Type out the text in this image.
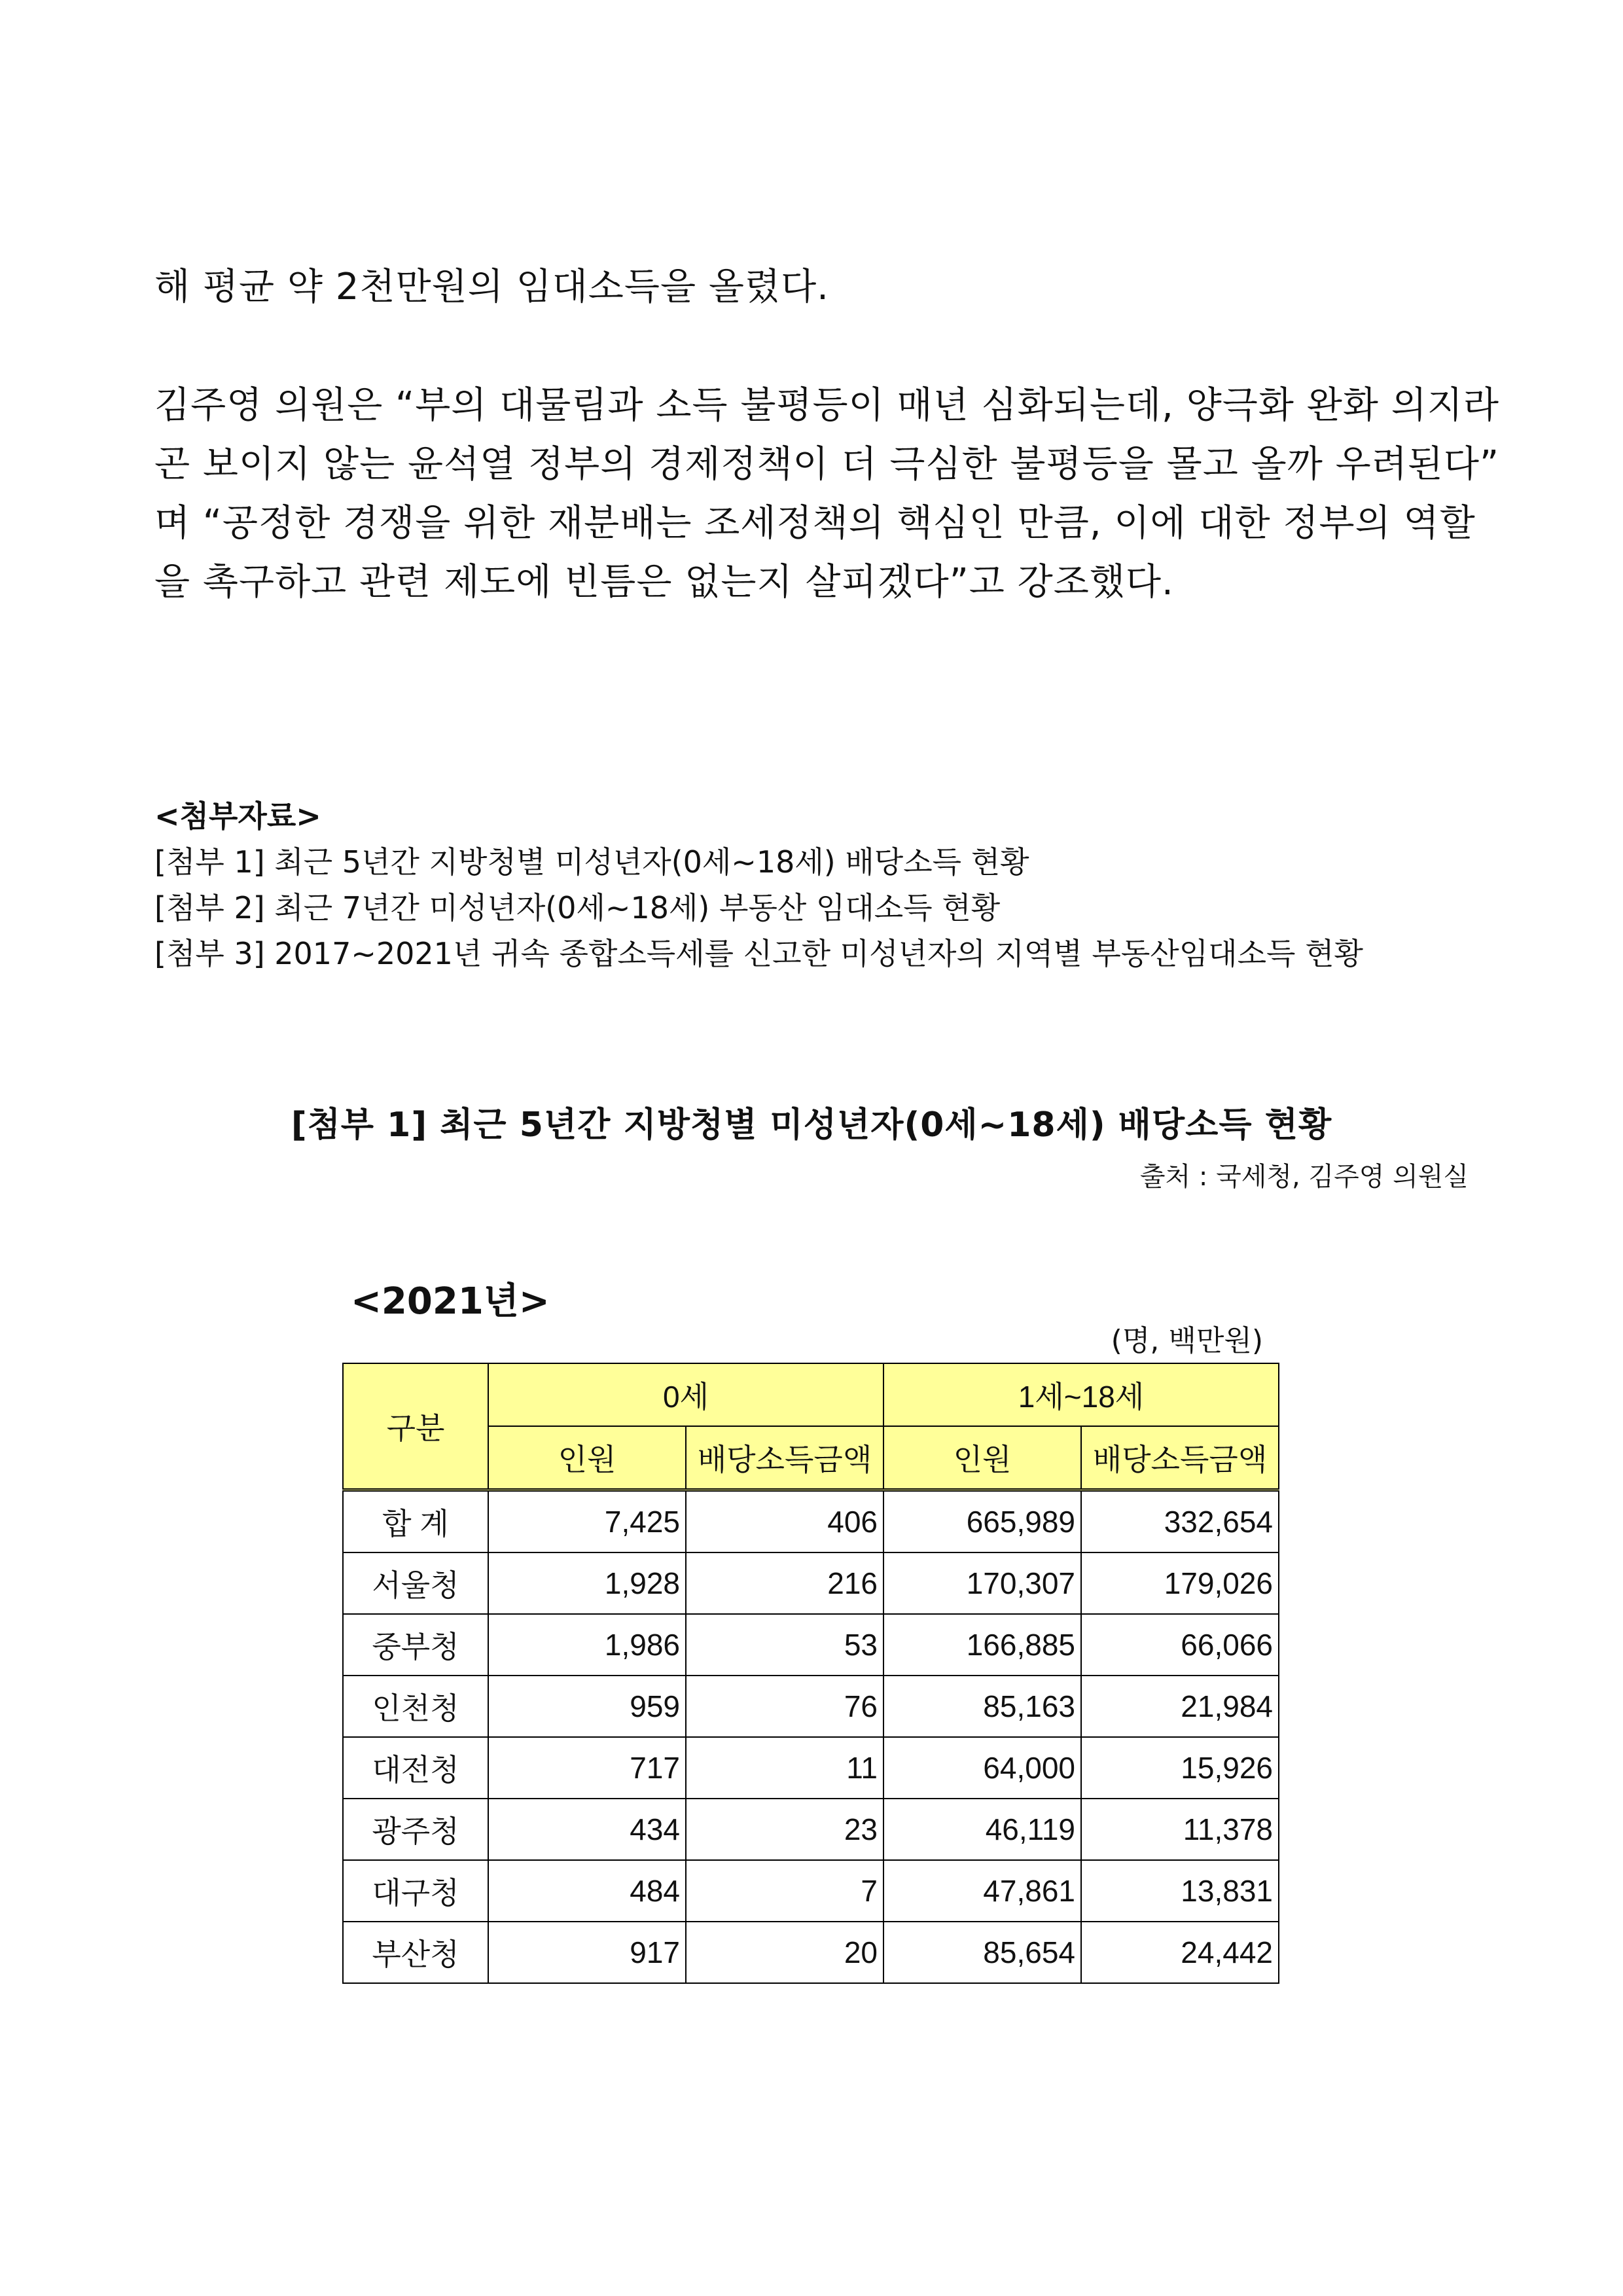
해 평균 약 2천만원의 임대소득을 올렸다.
김주영 의원은 “부의 대물림과 소득 불평등이 매년 심화되는데, 양극화 완화 의지라
곤 보이지 않는 윤석열 정부의 경제정책이 더 극심한 불평등을 몰고 올까 우려된다”
며 “공정한 경쟁을 위한 재분배는 조세정책의 핵심인 만큼, 이에 대한 정부의 역할
을 촉구하고 관련 제도에 빈틈은 없는지 살피겠다”고 강조했다.
<첨부자료>
[첨부 1] 최근 5년간 지방청별 미성년자(0세~18세) 배당소득 현황
[첨부 2] 최근 7년간 미성년자(0세~18세) 부동산 임대소득 현황
[첨부 3] 2017~2021년 귀속 종합소득세를 신고한 미성년자의 지역별 부동산임대소득 현황
[첨부 1] 최근 5년간 지방청별 미성년자(0세~18세) 배당소득 현황
출처 : 국세청, 김주영 의원실
<2021년>
(명, 백만원)
구분	0세		1세~18세	
	인원	배당소득금액	인원	배당소득금액
합 계	7,425	406	665,989	332,654
서울청	1,928	216	170,307	179,026
중부청	1,986	53	166,885	66,066
인천청	959	76	85,163	21,984
대전청	717	11	64,000	15,926
광주청	434	23	46,119	11,378
대구청	484	7	47,861	13,831
부산청	917	20	85,654	24,442
